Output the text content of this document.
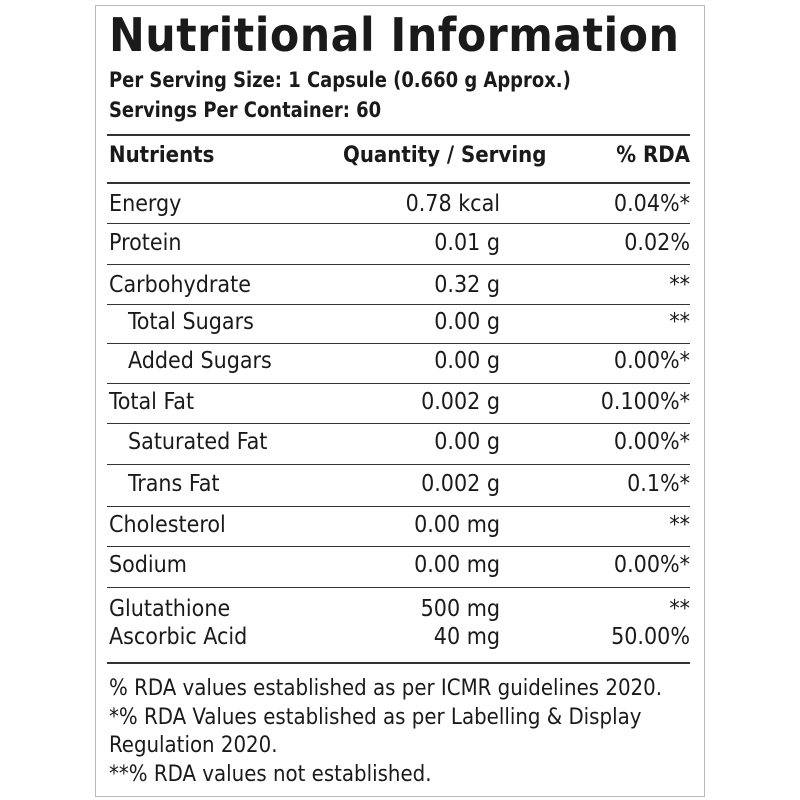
Nutritional Information
Per Serving Size: 1 Capsule (0.660 g Approx.)
Servings Per Container: 60
Nutrients	Quantity / Serving	% RDA
Energy	0.78 kcal	0.04%*
Protein	0.01 g	0.02%
Carbohydrate	0.32 g	**
Total Sugars	0.00 g	**
Added Sugars	0.00 g	0.00%*
Total Fat	0.002 g	0.100%*
Saturated Fat	0.00 g	0.00%*
Trans Fat	0.002 g	0.1%*
Cholesterol	0.00 mg	**
Sodium	0.00 mg	0.00%*
Glutathione	500 mg	**
Ascorbic Acid	40 mg	50.00%
% RDA values established as per ICMR guidelines 2020.
*% RDA Values established as per Labelling & Display
Regulation 2020.
**% RDA values not established.
